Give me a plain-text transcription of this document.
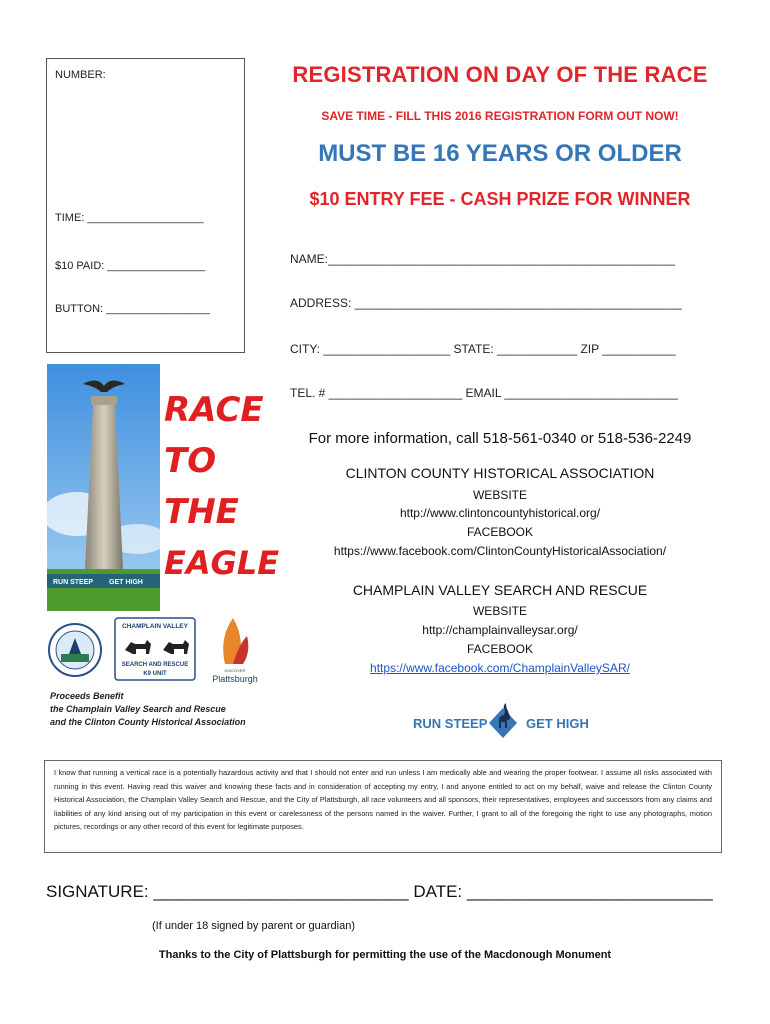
NUMBER:
TIME: ___________________
$10 PAID: ________________
BUTTON: _________________
REGISTRATION ON DAY OF THE RACE
SAVE TIME - FILL THIS 2016 REGISTRATION FORM OUT NOW!
MUST BE 16 YEARS OR OLDER
$10 ENTRY FEE - CASH PRIZE FOR WINNER
NAME:____________________________________________________
ADDRESS: _________________________________________________
CITY: ___________________ STATE: ____________ ZIP ___________
TEL. # ____________________ EMAIL __________________________
RUN STEEP GET HIGH
RACE
TO
THE
EAGLE
For more information, call 518-561-0340 or 518-536-2249
CLINTON COUNTY HISTORICAL ASSOCIATION
WEBSITE
http://www.clintoncountyhistorical.org/
FACEBOOK
https://www.facebook.com/ClintonCountyHistoricalAssociation/
CHAMPLAIN VALLEY SEARCH AND RESCUE
WEBSITE
http://champlainvalleysar.org/
FACEBOOK
https://www.facebook.com/ChamplainValleySAR/
CHAMPLAIN VALLEY
SEARCH AND RESCUE
K9 UNIT
DISCOVER
Plattsburgh
Proceeds Benefit
the Champlain Valley Search and Rescue
and the Clinton County Historical Association	RUN STEEP	GET HIGH
I know that running a vertical race is a potentially hazardous activity and that I should not enter and run unless I am medically able and wearing the proper footwear. I assume all risks associated with running in this event. Having read this waiver and knowing these facts and in consideration of accepting my entry, I and anyone entitled to act on my behalf, waive and release the Clinton County Historical Association, the Champlain Valley Search and Rescue, and the City of Plattsburgh, all race volunteers and all sponsors, their representatives, employees and successors from any claims and liabilities of any kind arising out of my participation in this event or carelessness of the persons named in the waiver. Further, I grant to all of the foregoing the right to use any photographs, motion pictures, recordings or any other record of this event for legitimate purposes.
SIGNATURE: ___________________________ DATE: __________________________
(If under 18 signed by parent or guardian)
Thanks to the City of Plattsburgh for permitting the use of the Macdonough Monument
